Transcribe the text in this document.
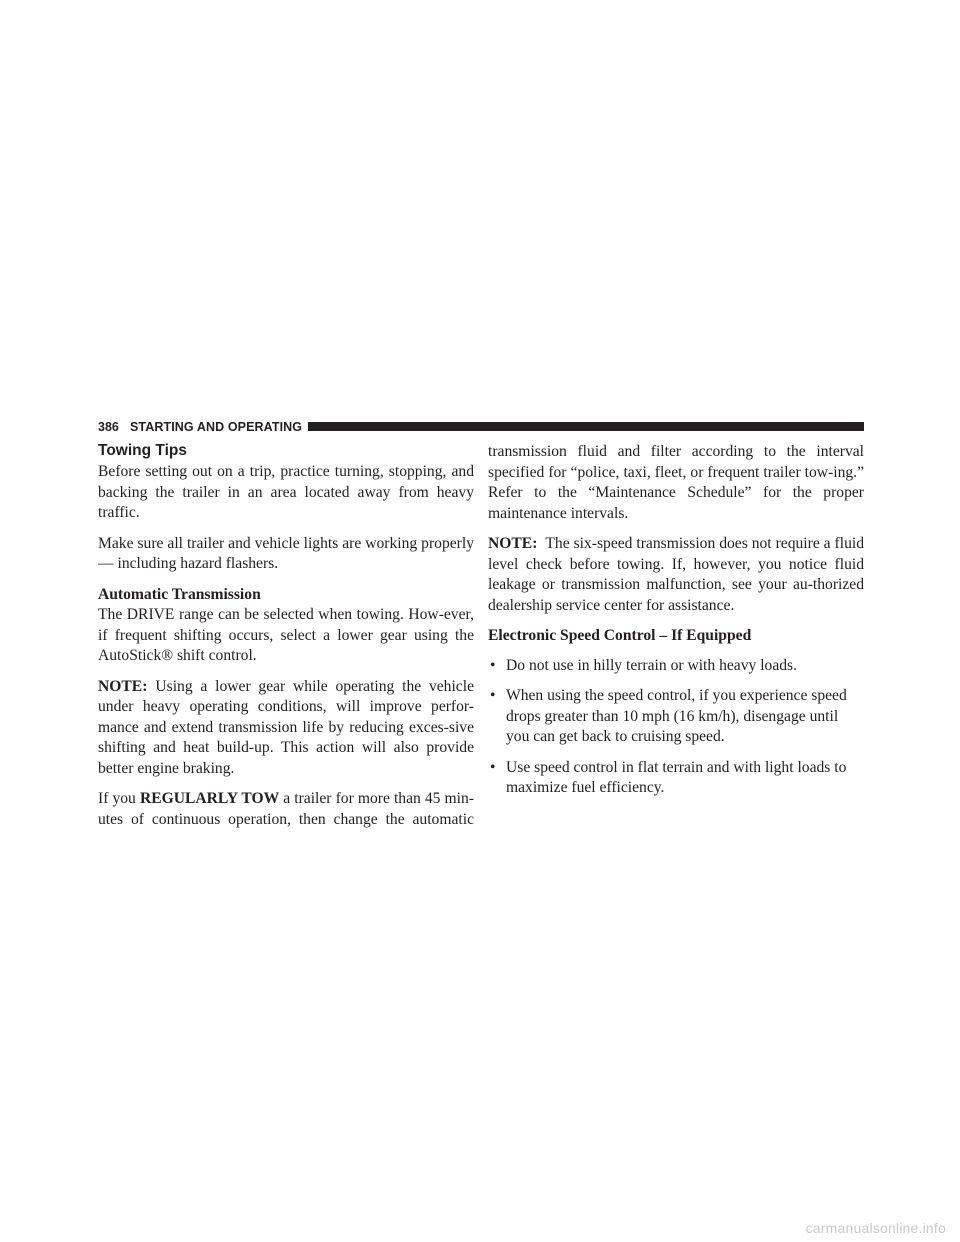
386 STARTING AND OPERATING
Towing Tips

Before setting out on a trip, practice turning, stopping, and backing the trailer in an area located away from heavy traffic.

Make sure all trailer and vehicle lights are working properly — including hazard flashers.

Automatic Transmission

The DRIVE range can be selected when towing. How-ever, if frequent shifting occurs, select a lower gear using the AutoStick® shift control.

NOTE: Using a lower gear while operating the vehicle under heavy operating conditions, will improve perfor-mance and extend transmission life by reducing exces-sive shifting and heat build-up. This action will also provide better engine braking.

If you REGULARLY TOW a trailer for more than 45 min-utes of continuous operation, then change the automatic

transmission fluid and filter according to the interval specified for “police, taxi, fleet, or frequent trailer tow-ing.” Refer to the “Maintenance Schedule” for the proper maintenance intervals.

NOTE: The six-speed transmission does not require a fluid level check before towing. If, however, you notice fluid leakage or transmission malfunction, see your au-thorized dealership service center for assistance.

Electronic Speed Control – If Equipped
• Do not use in hilly terrain or with heavy loads.
• When using the speed control, if you experience speed drops greater than 10 mph (16 km/h), disengage until you can get back to cruising speed.
• Use speed control in flat terrain and with light loads to maximize fuel efficiency.
carmanualsonline.info
